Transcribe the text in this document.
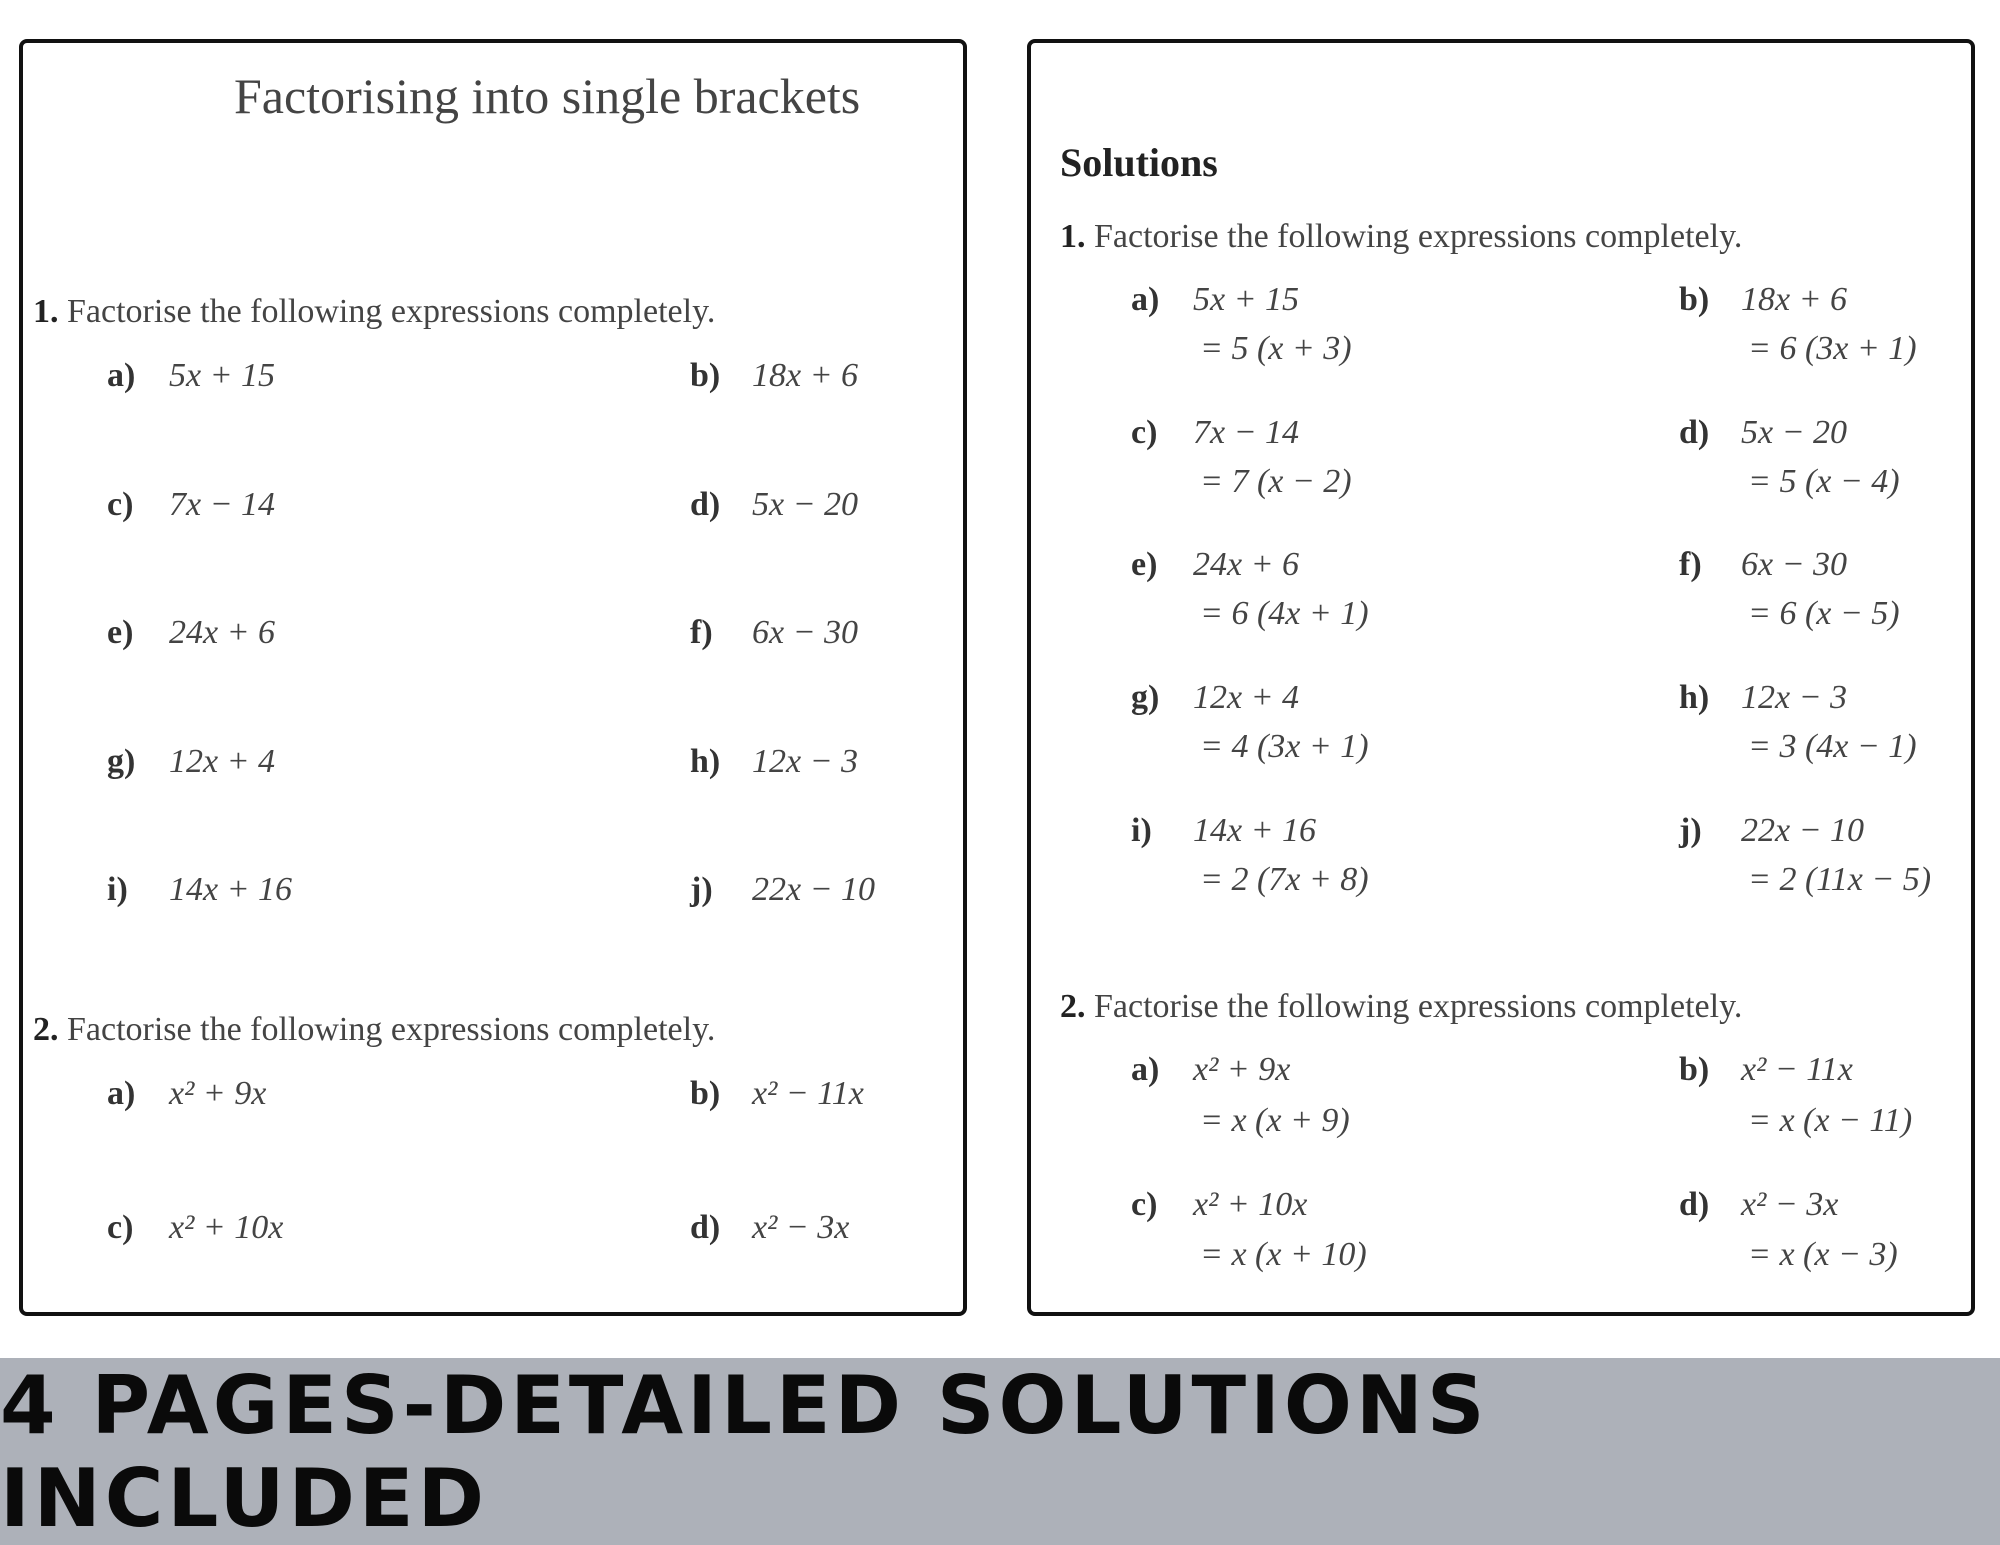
Factorising into single brackets
1. Factorise the following expressions completely.
a) 5x + 15	b) 18x + 6
c)	7x − 14	d) 5x − 20
e)	24x + 6	f)	6x − 30
g) 12x + 4	h) 12x − 3
i)	14x + 16	j)	22x − 10
2. Factorise the following expressions completely.
a) x² + 9x	b) x² − 11x
c)	x² + 10x	d) x² − 3x
Solutions
1. Factorise the following expressions completely.
a) 5x + 15
= 5 (x + 3)
b) 18x + 6
= 6 (3x + 1)
c)	7x − 14
= 7 (x − 2)
d) 5x − 20
= 5 (x − 4)
e)	24x + 6
= 6 (4x + 1)
f)	6x − 30
= 6 (x − 5)
g) 12x + 4
= 4 (3x + 1)
h) 12x − 3
= 3 (4x − 1)
i)	14x + 16
= 2 (7x + 8)
j)	22x − 10
= 2 (11x − 5)
2. Factorise the following expressions completely.
a) x² + 9x
= x (x + 9)
b) x² − 11x
= x (x − 11)
c)	x² + 10x
= x (x + 10)
d) x² − 3x
= x (x − 3)
4 PAGES-DETAILED SOLUTIONS INCLUDED
